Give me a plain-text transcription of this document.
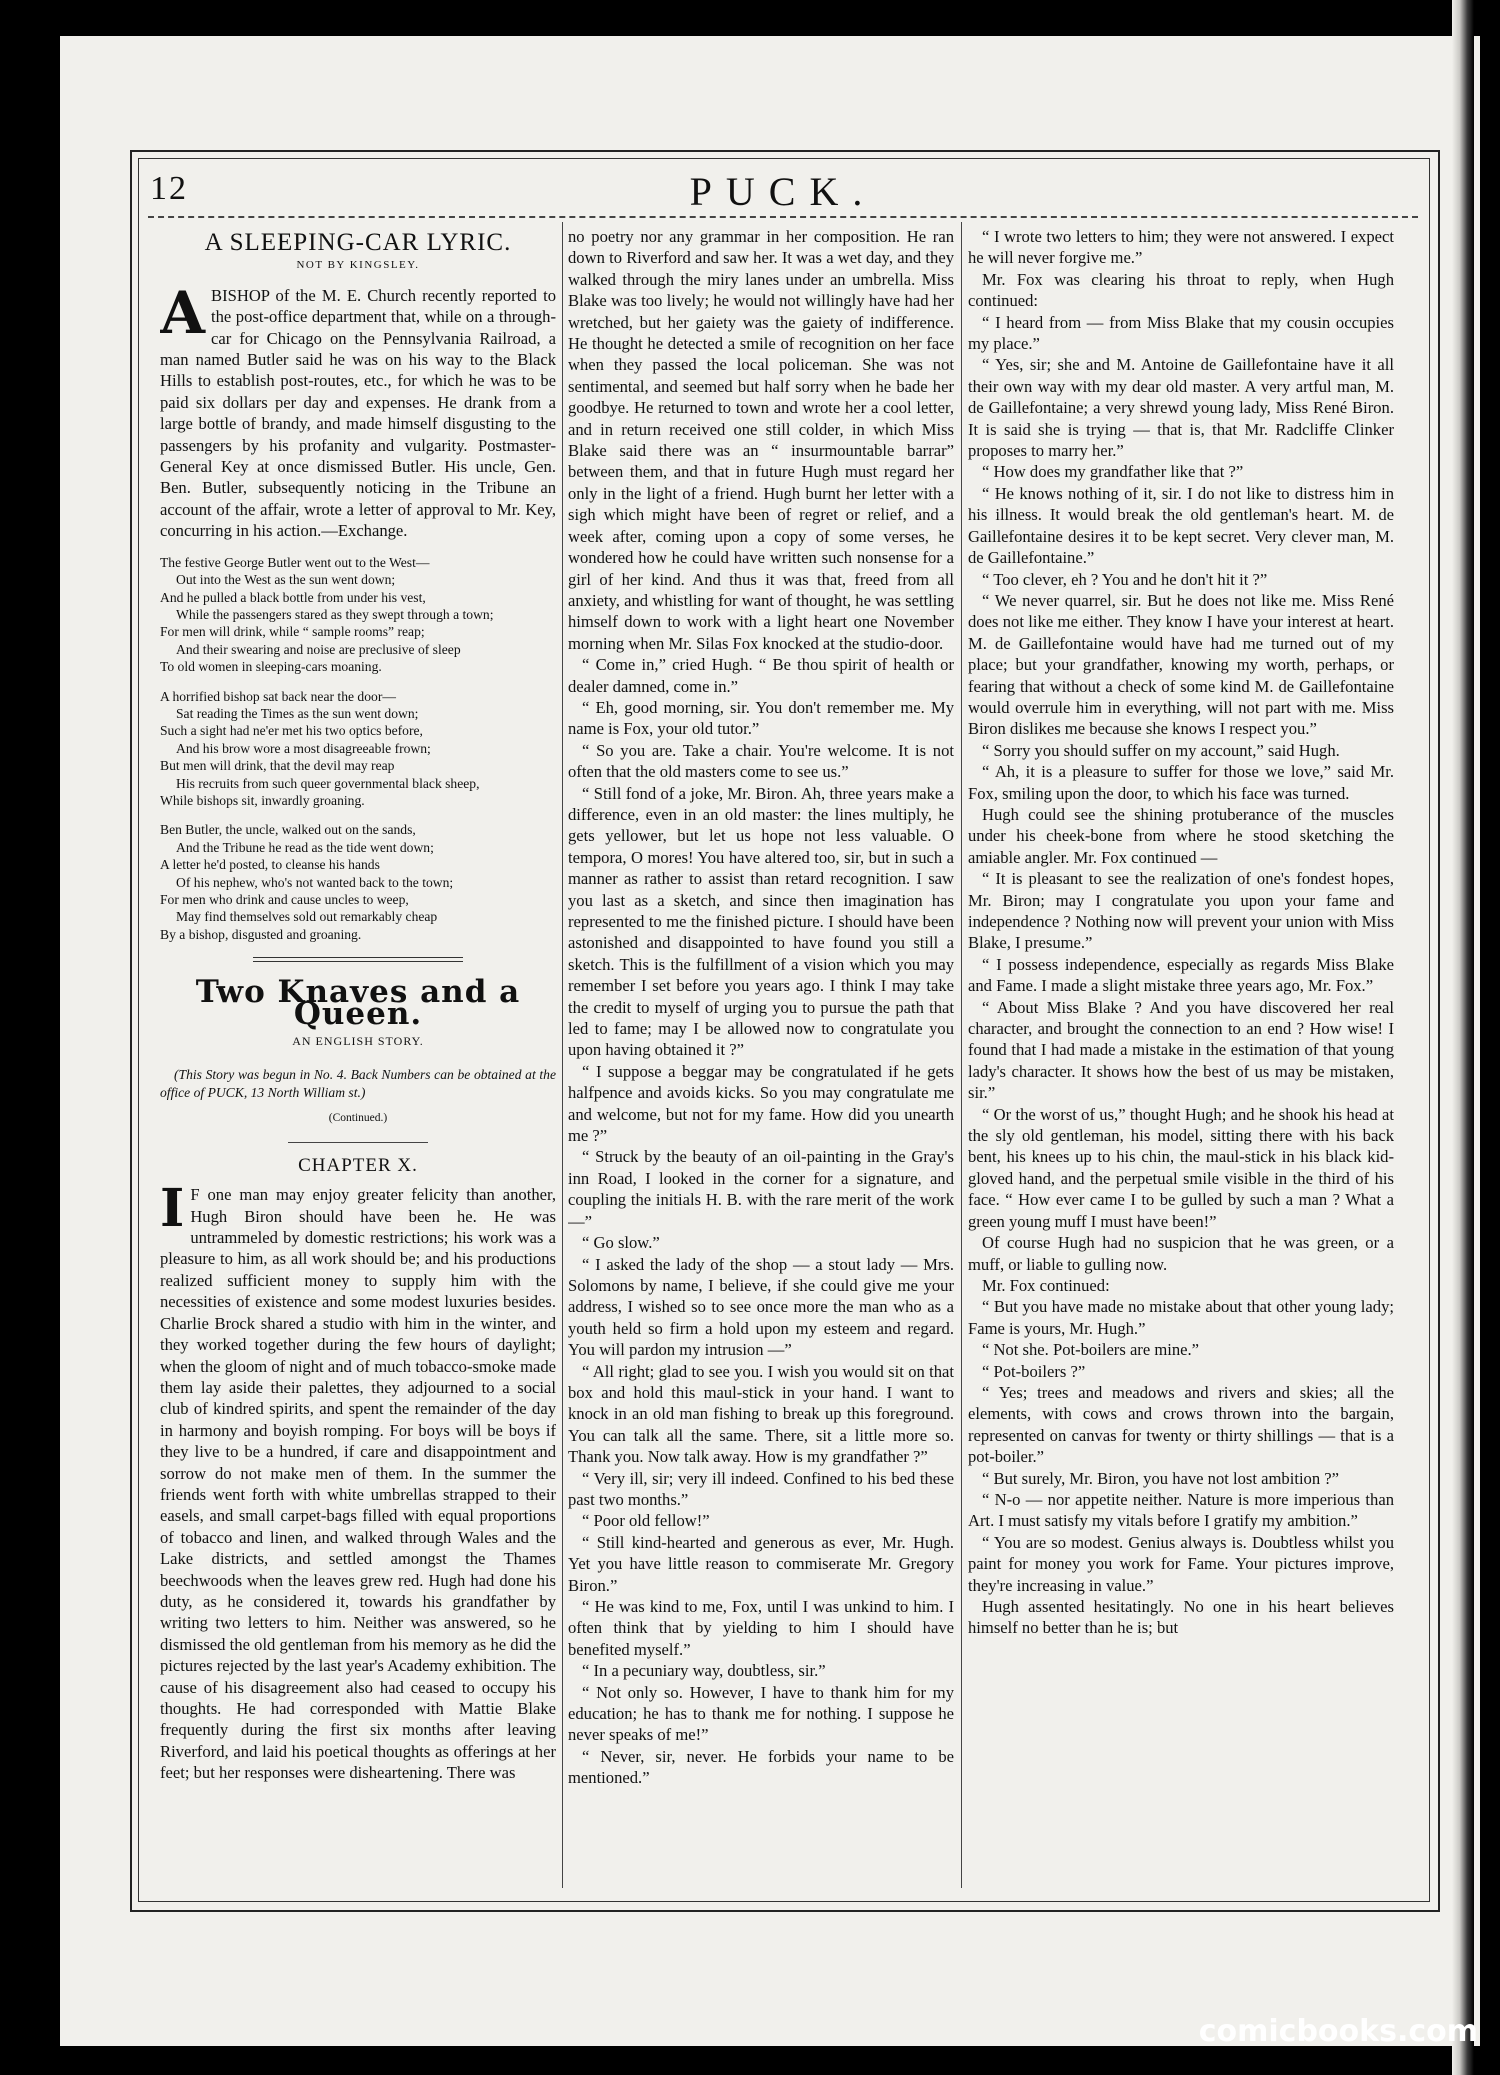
12	PUCK.
A SLEEPING-CAR LYRIC.
NOT BY KINGSLEY.
A BISHOP of the M. E. Church recently reported to the post-office department that, while on a through-car for Chicago on the Pennsylvania Railroad, a man named Butler said he was on his way to the Black Hills to establish post-routes, etc., for which he was to be paid six dollars per day and expenses. He drank from a large bottle of brandy, and made himself disgusting to the passengers by his profanity and vulgarity. Postmaster-General Key at once dismissed Butler. His uncle, Gen. Ben. Butler, subsequently noticing in the Tribune an account of the affair, wrote a letter of approval to Mr. Key, concurring in his action.—Exchange.

The festive George Butler went out to the West—
Out into the West as the sun went down;
And he pulled a black bottle from under his vest,
While the passengers stared as they swept through a town;
For men will drink, while “ sample rooms” reap;
And their swearing and noise are preclusive of sleep
To old women in sleeping-cars moaning.
A horrified bishop sat back near the door—
Sat reading the Times as the sun went down;
Such a sight had ne'er met his two optics before,
And his brow wore a most disagreeable frown;
But men will drink, that the devil may reap
His recruits from such queer governmental black sheep,
While bishops sit, inwardly groaning.
Ben Butler, the uncle, walked out on the sands,
And the Tribune he read as the tide went down;
A letter he'd posted, to cleanse his hands
Of his nephew, who's not wanted back to the town;
For men who drink and cause uncles to weep,
May find themselves sold out remarkably cheap
By a bishop, disgusted and groaning.
Two Knaves and a Queen.
AN ENGLISH STORY.

(This Story was begun in No. 4. Back Numbers can be obtained at the office of PUCK, 13 North William st.)

(Continued.)
CHAPTER X.
I F one man may enjoy greater felicity than another, Hugh Biron should have been he. He was untrammeled by domestic restrictions; his work was a pleasure to him, as all work should be; and his productions realized sufficient money to supply him with the necessities of existence and some modest luxuries besides. Charlie Brock shared a studio with him in the winter, and they worked together during the few hours of daylight; when the gloom of night and of much tobacco-smoke made them lay aside their palettes, they adjourned to a social club of kindred spirits, and spent the remainder of the day in harmony and boyish romping. For boys will be boys if they live to be a hundred, if care and disappointment and sorrow do not make men of them. In the summer the friends went forth with white umbrellas strapped to their easels, and small carpet-bags filled with equal proportions of tobacco and linen, and walked through Wales and the Lake districts, and settled amongst the Thames beechwoods when the leaves grew red. Hugh had done his duty, as he considered it, towards his grandfather by writing two letters to him. Neither was answered, so he dismissed the old gentleman from his memory as he did the pictures rejected by the last year's Academy exhibition. The cause of his disagreement also had ceased to occupy his thoughts. He had corresponded with Mattie Blake frequently during the first six months after leaving Riverford, and laid his poetical thoughts as offerings at her feet; but her responses were disheartening. There was

no poetry nor any grammar in her composition. He ran down to Riverford and saw her. It was a wet day, and they walked through the miry lanes under an umbrella. Miss Blake was too lively; he would not willingly have had her wretched, but her gaiety was the gaiety of indifference. He thought he detected a smile of recognition on her face when they passed the local policeman. She was not sentimental, and seemed but half sorry when he bade her goodbye. He returned to town and wrote her a cool letter, and in return received one still colder, in which Miss Blake said there was an “ insurmountable barrar” between them, and that in future Hugh must regard her only in the light of a friend. Hugh burnt her letter with a sigh which might have been of regret or relief, and a week after, coming upon a copy of some verses, he wondered how he could have written such nonsense for a girl of her kind. And thus it was that, freed from all anxiety, and whistling for want of thought, he was settling himself down to work with a light heart one November morning when Mr. Silas Fox knocked at the studio-door.

“ Come in,” cried Hugh. “ Be thou spirit of health or dealer damned, come in.”

“ Eh, good morning, sir. You don't remember me. My name is Fox, your old tutor.”

“ So you are. Take a chair. You're welcome. It is not often that the old masters come to see us.”

“ Still fond of a joke, Mr. Biron. Ah, three years make a difference, even in an old master: the lines multiply, he gets yellower, but let us hope not less valuable. O tempora, O mores! You have altered too, sir, but in such a manner as rather to assist than retard recognition. I saw you last as a sketch, and since then imagination has represented to me the finished picture. I should have been astonished and disappointed to have found you still a sketch. This is the fulfillment of a vision which you may remember I set before you years ago. I think I may take the credit to myself of urging you to pursue the path that led to fame; may I be allowed now to congratulate you upon having obtained it ?”

“ I suppose a beggar may be congratulated if he gets halfpence and avoids kicks. So you may congratulate me and welcome, but not for my fame. How did you unearth me ?”

“ Struck by the beauty of an oil-painting in the Gray's inn Road, I looked in the corner for a signature, and coupling the initials H. B. with the rare merit of the work —”

“ Go slow.”

“ I asked the lady of the shop — a stout lady — Mrs. Solomons by name, I believe, if she could give me your address, I wished so to see once more the man who as a youth held so firm a hold upon my esteem and regard. You will pardon my intrusion —”

“ All right; glad to see you. I wish you would sit on that box and hold this maul-stick in your hand. I want to knock in an old man fishing to break up this foreground. You can talk all the same. There, sit a little more so. Thank you. Now talk away. How is my grandfather ?”

“ Very ill, sir; very ill indeed. Confined to his bed these past two months.”

“ Poor old fellow!”

“ Still kind-hearted and generous as ever, Mr. Hugh. Yet you have little reason to commiserate Mr. Gregory Biron.”

“ He was kind to me, Fox, until I was unkind to him. I often think that by yielding to him I should have benefited myself.”

“ In a pecuniary way, doubtless, sir.”

“ Not only so. However, I have to thank him for my education; he has to thank me for nothing. I suppose he never speaks of me!”

“ Never, sir, never. He forbids your name to be mentioned.”

“ I wrote two letters to him; they were not answered. I expect he will never forgive me.”

Mr. Fox was clearing his throat to reply, when Hugh continued:

“ I heard from — from Miss Blake that my cousin occupies my place.”

“ Yes, sir; she and M. Antoine de Gaillefontaine have it all their own way with my dear old master. A very artful man, M. de Gaillefontaine; a very shrewd young lady, Miss René Biron. It is said she is trying — that is, that Mr. Radcliffe Clinker proposes to marry her.”

“ How does my grandfather like that ?”

“ He knows nothing of it, sir. I do not like to distress him in his illness. It would break the old gentleman's heart. M. de Gaillefontaine desires it to be kept secret. Very clever man, M. de Gaillefontaine.”

“ Too clever, eh ? You and he don't hit it ?”

“ We never quarrel, sir. But he does not like me. Miss René does not like me either. They know I have your interest at heart. M. de Gaillefontaine would have had me turned out of my place; but your grandfather, knowing my worth, perhaps, or fearing that without a check of some kind M. de Gaillefontaine would overrule him in everything, will not part with me. Miss Biron dislikes me because she knows I respect you.”

“ Sorry you should suffer on my account,” said Hugh.

“ Ah, it is a pleasure to suffer for those we love,” said Mr. Fox, smiling upon the door, to which his face was turned.

Hugh could see the shining protuberance of the muscles under his cheek-bone from where he stood sketching the amiable angler. Mr. Fox continued —

“ It is pleasant to see the realization of one's fondest hopes, Mr. Biron; may I congratulate you upon your fame and independence ? Nothing now will prevent your union with Miss Blake, I presume.”

“ I possess independence, especially as regards Miss Blake and Fame. I made a slight mistake three years ago, Mr. Fox.”

“ About Miss Blake ? And you have discovered her real character, and brought the connection to an end ? How wise! I found that I had made a mistake in the estimation of that young lady's character. It shows how the best of us may be mistaken, sir.”

“ Or the worst of us,” thought Hugh; and he shook his head at the sly old gentleman, his model, sitting there with his back bent, his knees up to his chin, the maul-stick in his black kid-gloved hand, and the perpetual smile visible in the third of his face. “ How ever came I to be gulled by such a man ? What a green young muff I must have been!”

Of course Hugh had no suspicion that he was green, or a muff, or liable to gulling now.

Mr. Fox continued:

“ But you have made no mistake about that other young lady; Fame is yours, Mr. Hugh.”

“ Not she. Pot-boilers are mine.”

“ Pot-boilers ?”

“ Yes; trees and meadows and rivers and skies; all the elements, with cows and crows thrown into the bargain, represented on canvas for twenty or thirty shillings — that is a pot-boiler.”

“ But surely, Mr. Biron, you have not lost ambition ?”

“ N-o — nor appetite neither. Nature is more imperious than Art. I must satisfy my vitals before I gratify my ambition.”

“ You are so modest. Genius always is. Doubtless whilst you paint for money you work for Fame. Your pictures improve, they're increasing in value.”

Hugh assented hesitatingly. No one in his heart believes himself no better than he is; but

comicbooks.com
